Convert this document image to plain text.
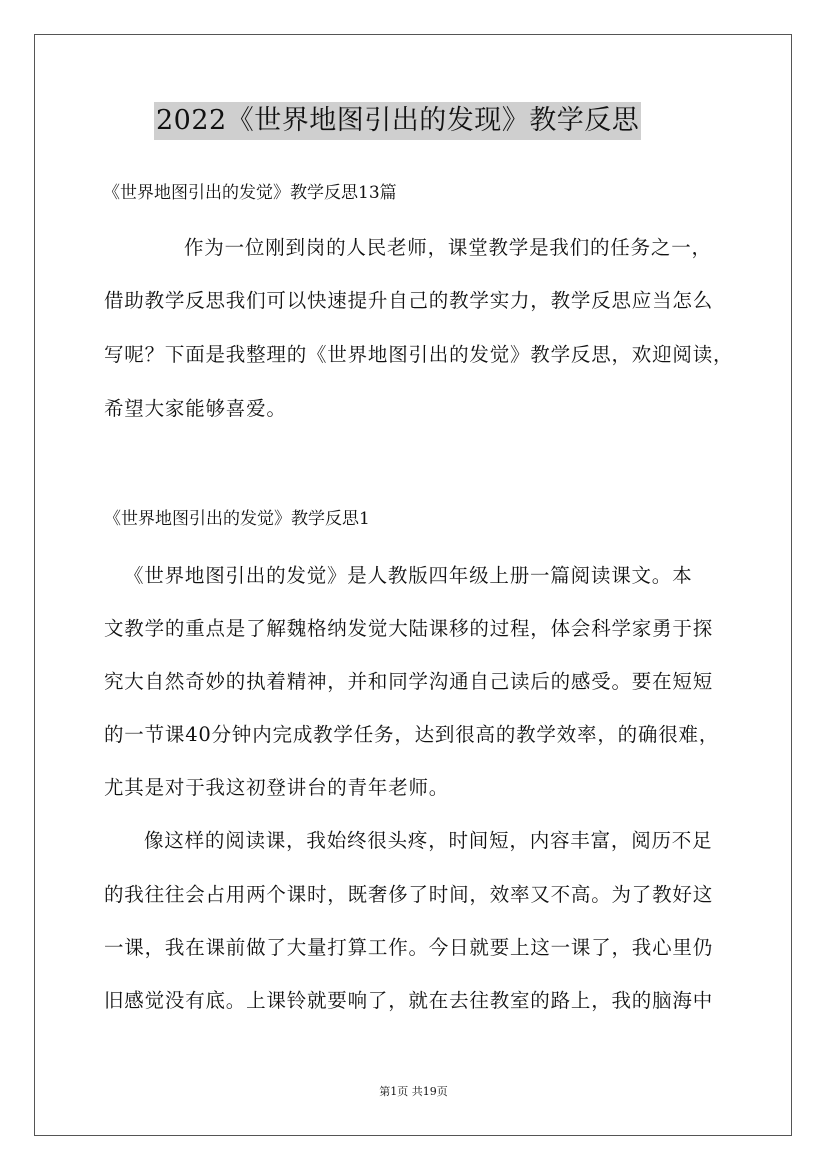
2022《世界地图引出的发现》教学反思
《世界地图引出的发觉》教学反思13篇
作为一位刚到岗的人民老师，课堂教学是我们的任务之一，
借助教学反思我们可以快速提升自己的教学实力，教学反思应当怎么
写呢？下面是我整理的《世界地图引出的发觉》教学反思，欢迎阅读，
希望大家能够喜爱。
《世界地图引出的发觉》教学反思1
《世界地图引出的发觉》是人教版四年级上册一篇阅读课文。本
文教学的重点是了解魏格纳发觉大陆课移的过程，体会科学家勇于探
究大自然奇妙的执着精神，并和同学沟通自己读后的感受。要在短短
的一节课40分钟内完成教学任务，达到很高的教学效率，的确很难，
尤其是对于我这初登讲台的青年老师。
像这样的阅读课，我始终很头疼，时间短，内容丰富，阅历不足
的我往往会占用两个课时，既奢侈了时间，效率又不高。为了教好这
一课，我在课前做了大量打算工作。今日就要上这一课了，我心里仍
旧感觉没有底。上课铃就要响了，就在去往教室的路上，我的脑海中
第1页 共19页
